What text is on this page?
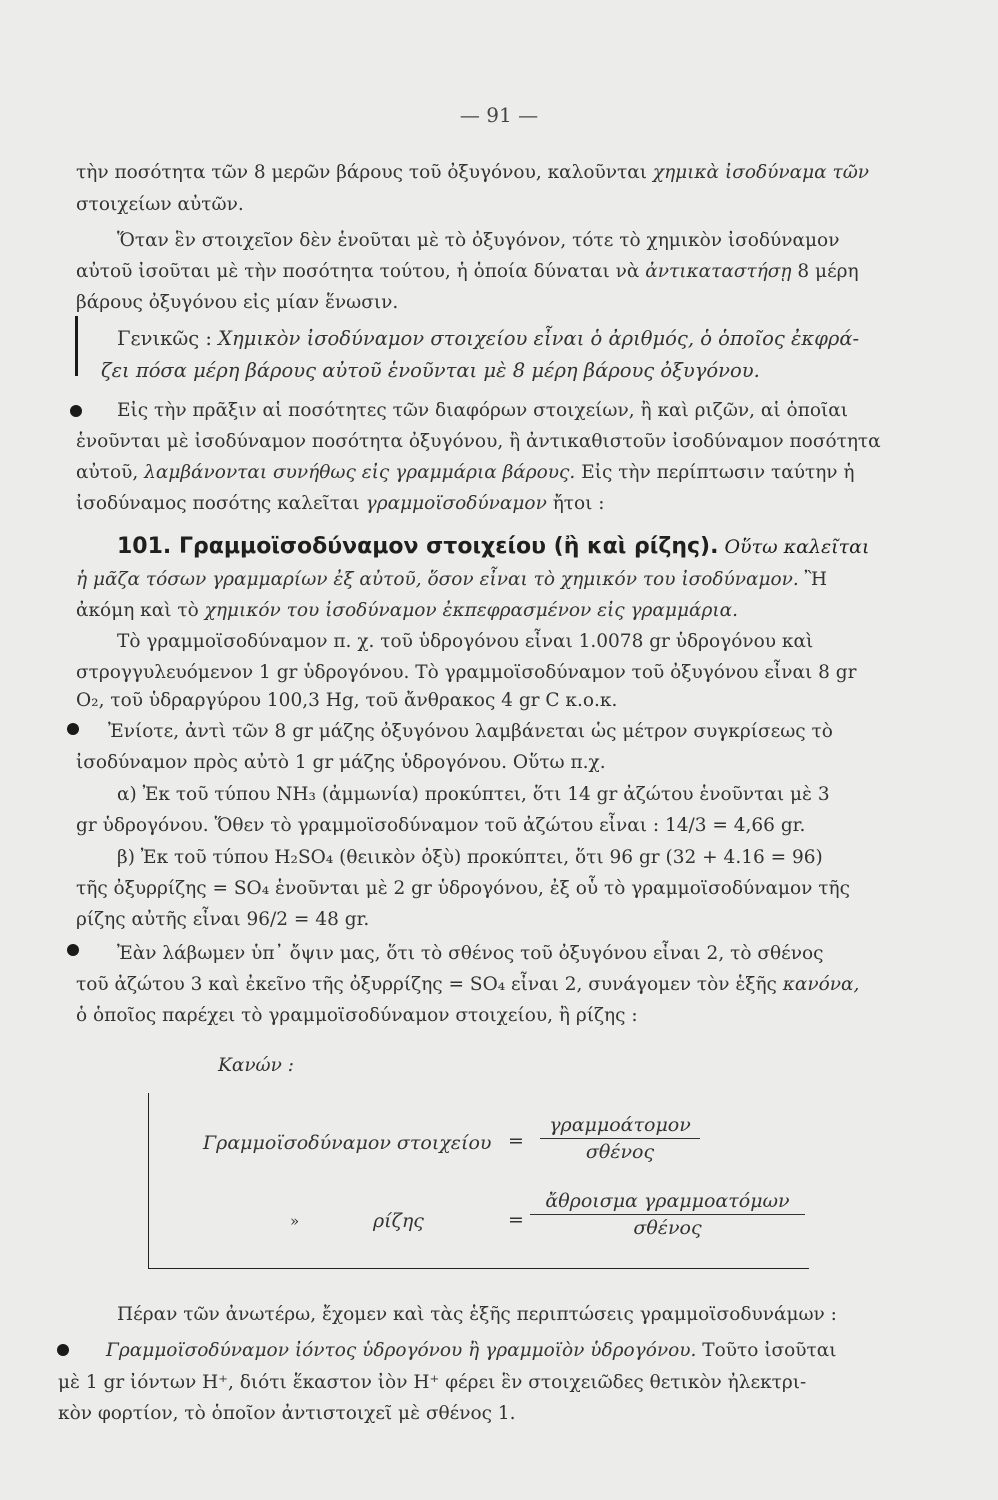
— 91 —
τὴν ποσότητα τῶν 8 μερῶν βάρους τοῦ ὀξυγόνου, καλοῦνται χημικὰ ἰσοδύναμα τῶν
στοιχείων αὐτῶν.
Ὅταν ἓν στοιχεῖον δὲν ἑνοῦται μὲ τὸ ὀξυγόνον, τότε τὸ χημικὸν ἰσοδύναμον
αὐτοῦ ἰσοῦται μὲ τὴν ποσότητα τούτου, ἡ ὁποία δύναται νὰ ἀντικαταστήσῃ 8 μέρη
βάρους ὀξυγόνου εἰς μίαν ἕνωσιν.
Γενικῶς : Χημικὸν ἰσοδύναμον στοιχείου εἶναι ὁ ἀριθμός, ὁ ὁποῖος ἐκφρά-
ζει πόσα μέρη βάρους αὐτοῦ ἑνοῦνται μὲ 8 μέρη βάρους ὀξυγόνου.
Εἰς τὴν πρᾶξιν αἱ ποσότητες τῶν διαφόρων στοιχείων, ἢ καὶ ριζῶν, αἱ ὁποῖαι
ἑνοῦνται μὲ ἰσοδύναμον ποσότητα ὀξυγόνου, ἢ ἀντικαθιστοῦν ἰσοδύναμον ποσότητα
αὐτοῦ, λαμβάνονται συνήθως εἰς γραμμάρια βάρους. Εἰς τὴν περίπτωσιν ταύτην ἡ
ἰσοδύναμος ποσότης καλεῖται γραμμοϊσοδύναμον ἤτοι :
101. Γραμμοϊσοδύναμον στοιχείου (ἢ καὶ ρίζης). Οὕτω καλεῖται
ἡ μᾶζα τόσων γραμμαρίων ἐξ αὐτοῦ, ὅσον εἶναι τὸ χημικόν του ἰσοδύναμον. Ἢ
ἀκόμη καὶ τὸ χημικόν του ἰσοδύναμον ἐκπεφρασμένον εἰς γραμμάρια.
Τὸ γραμμοϊσοδύναμον π. χ. τοῦ ὑδρογόνου εἶναι 1.0078 gr ὑδρογόνου καὶ
στρογγυλευόμενον 1 gr ὑδρογόνου. Τὸ γραμμοϊσοδύναμον τοῦ ὀξυγόνου εἶναι 8 gr
O₂, τοῦ ὑδραργύρου 100,3 Hg, τοῦ ἄνθρακος 4 gr C κ.ο.κ.
Ἐνίοτε, ἀντὶ τῶν 8 gr μάζης ὀξυγόνου λαμβάνεται ὡς μέτρον συγκρίσεως τὸ
ἰσοδύναμον πρὸς αὐτὸ 1 gr μάζης ὑδρογόνου. Οὕτω π.χ.
α) Ἐκ τοῦ τύπου NH₃ (ἀμμωνία) προκύπτει, ὅτι 14 gr ἀζώτου ἑνοῦνται μὲ 3
gr ὑδρογόνου. Ὅθεν τὸ γραμμοϊσοδύναμον τοῦ ἀζώτου εἶναι : 14/3 = 4,66 gr.
β) Ἐκ τοῦ τύπου H₂SO₄ (θειικὸν ὀξὺ) προκύπτει, ὅτι 96 gr (32 + 4.16 = 96)
τῆς ὀξυρρίζης = SO₄ ἑνοῦνται μὲ 2 gr ὑδρογόνου, ἐξ οὗ τὸ γραμμοϊσοδύναμον τῆς
ρίζης αὐτῆς εἶναι 96/2 = 48 gr.
Ἐὰν λάβωμεν ὑπ᾽ ὄψιν μας, ὅτι τὸ σθένος τοῦ ὀξυγόνου εἶναι 2, τὸ σθένος
τοῦ ἀζώτου 3 καὶ ἐκεῖνο τῆς ὀξυρρίζης = SO₄ εἶναι 2, συνάγομεν τὸν ἑξῆς κανόνα,
ὁ ὁποῖος παρέχει τὸ γραμμοϊσοδύναμον στοιχείου, ἢ ρίζης :
Κανών :
Γραμμοϊσοδύναμον στοιχείου =
γραμμοάτομον
σθένος
»	ρίζης	=
ἄθροισμα γραμμοατόμων
σθένος
Πέραν τῶν ἀνωτέρω, ἔχομεν καὶ τὰς ἑξῆς περιπτώσεις γραμμοϊσοδυνάμων :
Γραμμοϊσοδύναμον ἰόντος ὑδρογόνου ἢ γραμμοϊὸν ὑδρογόνου. Τοῦτο ἰσοῦται
μὲ 1 gr ἰόντων H⁺, διότι ἕκαστον ἰὸν H⁺ φέρει ἓν στοιχειῶδες θετικὸν ἠλεκτρι-
κὸν φορτίον, τὸ ὁποῖον ἀντιστοιχεῖ μὲ σθένος 1.
